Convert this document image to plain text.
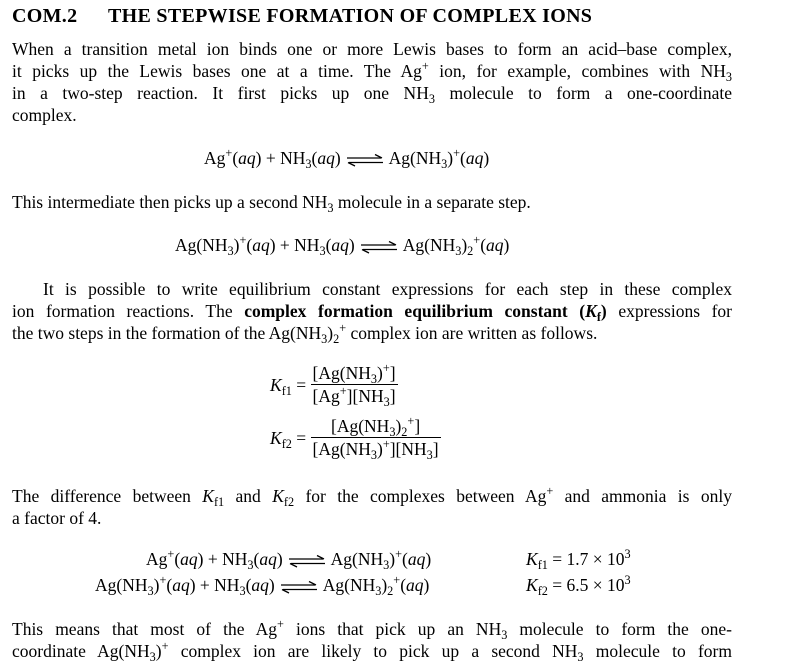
COM.2 THE STEPWISE FORMATION OF COMPLEX IONS
When a transition metal ion binds one or more Lewis bases to form an acid–base complex,
it picks up the Lewis bases one at a time. The Ag+ ion, for example, combines with $NH_3$
in a two-step reaction. It first picks up one $NH_3$ molecule to form a one-coordinate
complex.
$Ag^+(aq) + NH_3(aq)$ ⇌ $Ag(NH_3)^+(aq)$
This intermediate then picks up a second $NH_3$ molecule in a separate step.
$Ag(NH_3)^+(aq) + NH_3(aq)$ ⇌ $Ag(NH_3)_2^+(aq)$
It is possible to write equilibrium constant expressions for each step in these complex
ion formation reactions. The complex formation equilibrium constant $(K_f)$ expressions for
the two steps in the formation of the $Ag(NH_3)_2^+$ complex ion are written as follows.
$K_{f1} = \frac{[Ag(NH_3)^+]}{[Ag^+][NH_3]}$
$K_{f2} = \frac{[Ag(NH_3)_2^+]}{[Ag(NH_3)^+][NH_3]}$
The difference between $K_{f1}$ and $K_{f2}$ for the complexes between Ag+ and ammonia is only
a factor of 4.
$Ag^+(aq) + NH_3(aq)$ ⇌ $Ag(NH_3)^+(aq)$	$K_{f1} = 1.7 \times 10^3$
$Ag(NH_3)^+(aq) + NH_3(aq)$ ⇌ $Ag(NH_3)_2^+(aq)$	$K_{f2} = 6.5 \times 10^3$
This means that most of the Ag+ ions that pick up an $NH_3$ molecule to form the one-
coordinate $Ag(NH_3)^+$ complex ion are likely to pick up a second $NH_3$ molecule to form
